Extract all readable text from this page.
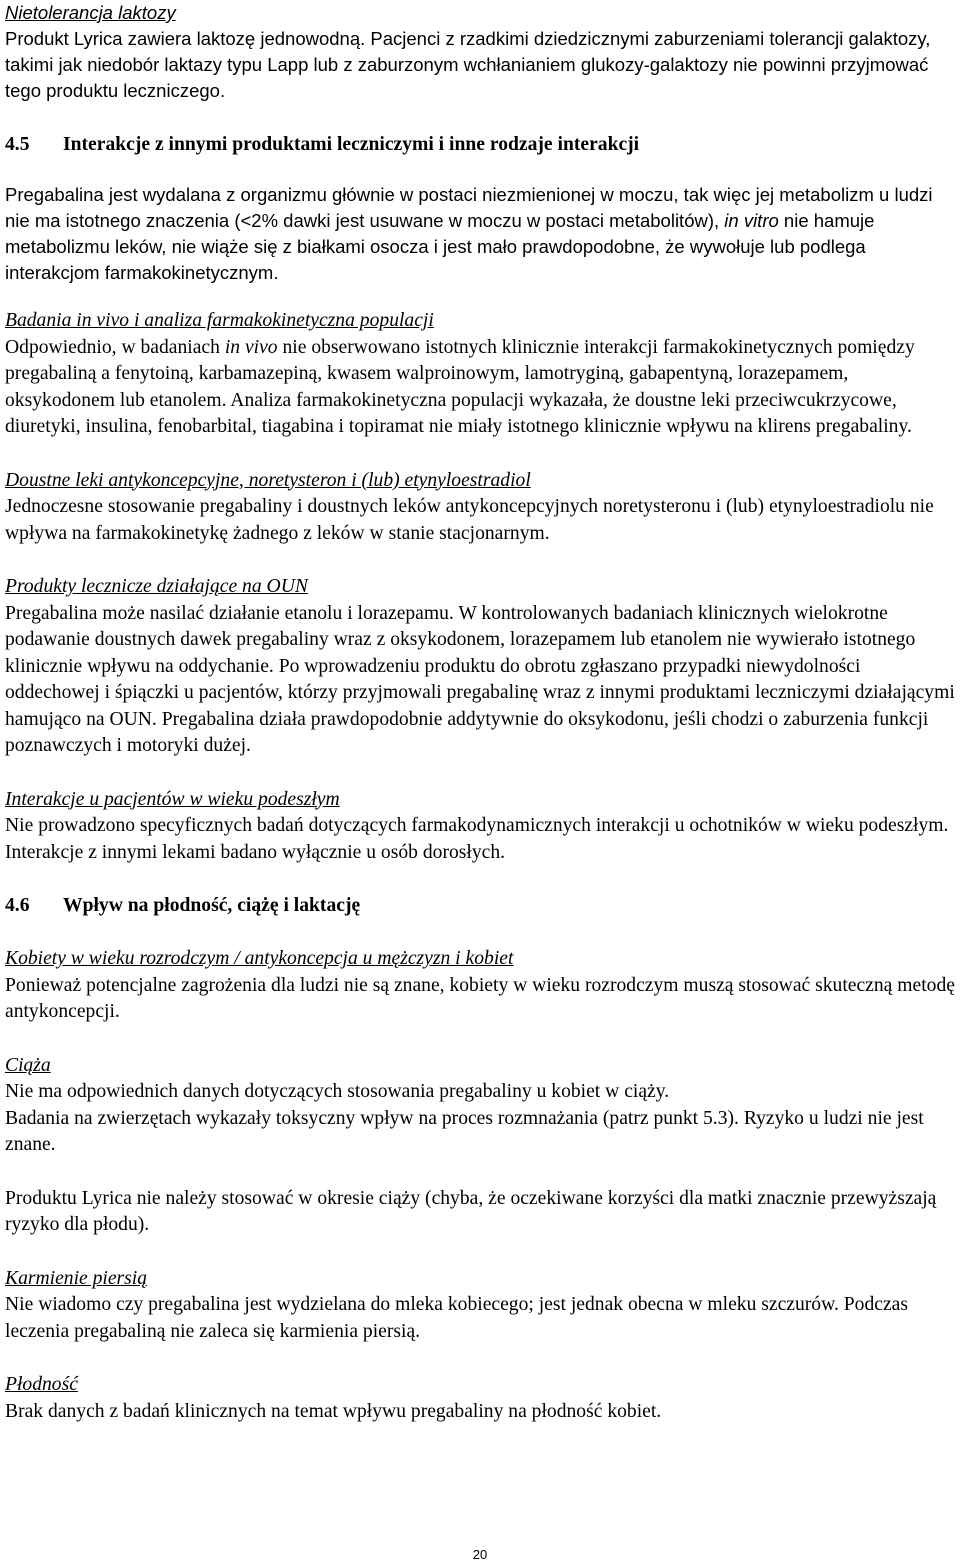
Nietolerancja laktozy
Produkt Lyrica zawiera laktozę jednowodną. Pacjenci z rzadkimi dziedzicznymi zaburzeniami tolerancji galaktozy, takimi jak niedobór laktazy typu Lapp lub z zaburzonym wchłanianiem glukozy-galaktozy nie powinni przyjmować tego produktu leczniczego.
4.5	Interakcje z innymi produktami leczniczymi i inne rodzaje interakcji
Pregabalina jest wydalana z organizmu głównie w postaci niezmienionej w moczu, tak więc jej metabolizm u ludzi nie ma istotnego znaczenia (<2% dawki jest usuwane w moczu w postaci metabolitów), in vitro nie hamuje metabolizmu leków, nie wiąże się z białkami osocza i jest mało prawdopodobne, że wywołuje lub podlega interakcjom farmakokinetycznym.
Badania in vivo i analiza farmakokinetyczna populacji
Odpowiednio, w badaniach in vivo nie obserwowano istotnych klinicznie interakcji farmakokinetycznych pomiędzy pregabaliną a fenytoiną, karbamazepiną, kwasem walproinowym, lamotryginą, gabapentyną, lorazepamem, oksykodonem lub etanolem. Analiza farmakokinetyczna populacji wykazała, że doustne leki przeciwcukrzycowe, diuretyki, insulina, fenobarbital, tiagabina i topiramat nie miały istotnego klinicznie wpływu na klirens pregabaliny.
Doustne leki antykoncepcyjne, noretysteron i (lub) etynyloestradiol
Jednoczesne stosowanie pregabaliny i doustnych leków antykoncepcyjnych noretysteronu i (lub) etynyloestradiolu nie wpływa na farmakokinetykę żadnego z leków w stanie stacjonarnym.
Produkty lecznicze działające na OUN
Pregabalina może nasilać działanie etanolu i lorazepamu. W kontrolowanych badaniach klinicznych wielokrotne podawanie doustnych dawek pregabaliny wraz z oksykodonem, lorazepamem lub etanolem nie wywierało istotnego klinicznie wpływu na oddychanie. Po wprowadzeniu produktu do obrotu zgłaszano przypadki niewydolności oddechowej i śpiączki u pacjentów, którzy przyjmowali pregabalinę wraz z innymi produktami leczniczymi działającymi hamująco na OUN. Pregabalina działa prawdopodobnie addytywnie do oksykodonu, jeśli chodzi o zaburzenia funkcji poznawczych i motoryki dużej.
Interakcje u pacjentów w wieku podeszłym
Nie prowadzono specyficznych badań dotyczących farmakodynamicznych interakcji u ochotników w wieku podeszłym. Interakcje z innymi lekami badano wyłącznie u osób dorosłych.
4.6	Wpływ na płodność, ciążę i laktację
Kobiety w wieku rozrodczym / antykoncepcja u mężczyzn i kobiet
Ponieważ potencjalne zagrożenia dla ludzi nie są znane, kobiety w wieku rozrodczym muszą stosować skuteczną metodę antykoncepcji.
Ciąża
Nie ma odpowiednich danych dotyczących stosowania pregabaliny u kobiet w ciąży.
Badania na zwierzętach wykazały toksyczny wpływ na proces rozmnażania (patrz punkt 5.3). Ryzyko u ludzi nie jest znane.
Produktu Lyrica nie należy stosować w okresie ciąży (chyba, że oczekiwane korzyści dla matki znacznie przewyższają ryzyko dla płodu).
Karmienie piersią
Nie wiadomo czy pregabalina jest wydzielana do mleka kobiecego; jest jednak obecna w mleku szczurów. Podczas leczenia pregabaliną nie zaleca się karmienia piersią.
Płodność
Brak danych z badań klinicznych na temat wpływu pregabaliny na płodność kobiet.
20
